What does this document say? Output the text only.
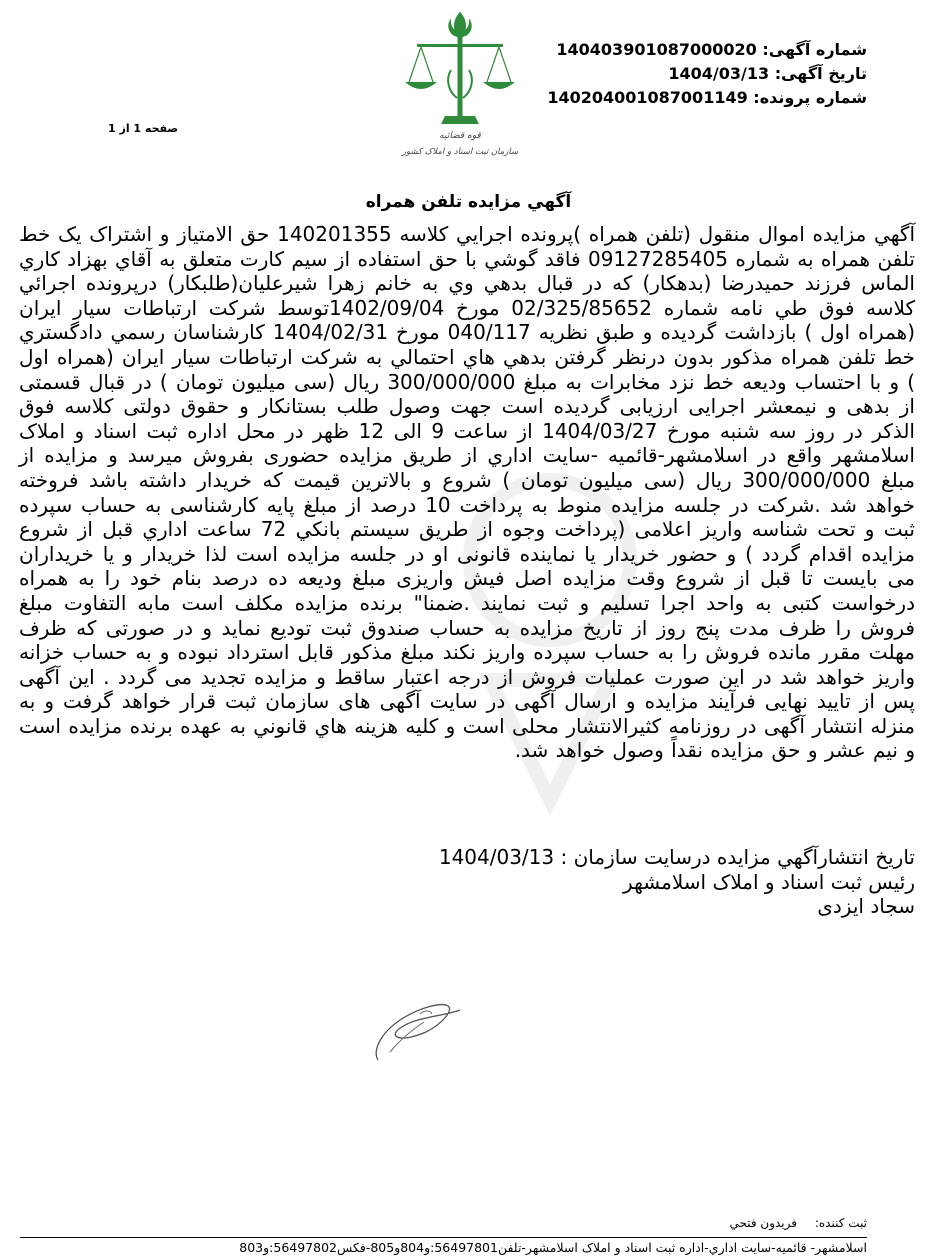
شماره آگهی: 140403901087000020
تاریخ آگهی: 1404/03/13
شماره پرونده: 140204001087001149
قوه قضائیه
سازمان ثبت اسناد و املاک کشور
صفحه 1 از 1
آگهي مزايده تلفن همراه
آگهي مزايده اموال منقول (تلفن همراه )پرونده اجرايي كلاسه 140201355 حق الامتياز و اشتراک یک خط تلفن همراه به شماره 09127285405 فاقد گوشي با حق استفاده از سيم كارت متعلق به آقاي بهزاد كاري الماس فرزند حميدرضا (بدهكار) که در قبال بدهي وي به خانم زهرا شيرعليان(طلبكار) درپرونده اجرائي كلاسه فوق طي نامه شماره 02/325/85652 مورخ 1402/09/04توسط شرکت ارتباطات سيار ايران (همراه اول ) بازداشت گرديده و طبق نظريه 040/117 مورخ 1404/02/31 كارشناسان رسمي دادگستري خط تلفن همراه مذكور بدون درنظر گرفتن بدهي هاي احتمالي به شرکت ارتباطات سيار ايران (همراه اول ) و با احتساب وديعه خط نزد مخابرات به مبلغ 300/000/000 ريال (سی میلیون تومان ) در قبال قسمتی از بدهی و نیمعشر اجرایی ارزیابی گردیده است جهت وصول طلب بستانکار و حقوق دولتی کلاسه فوق الذکر در روز سه شنبه مورخ 1404/03/27 از ساعت 9 الی 12 ظهر در محل اداره ثبت اسناد و املاک اسلامشهر واقع در اسلامشهر-قائميه -سايت اداري از طريق مزایده حضوری بفروش میرسد و مزايده از مبلغ 300/000/000 ريال (سی میلیون تومان ) شروع و بالاترين قيمت كه خريدار داشته باشد فروخته خواهد شد .شرکت در جلسه مزایده منوط به پرداخت 10 درصد از مبلغ پایه کارشناسی به حساب سپرده ثبت و تحت شناسه واریز اعلامی (پرداخت وجوه از طريق سيستم بانكي 72 ساعت اداري قبل از شروع مزايده اقدام گردد ) و حضور خریدار یا نماینده قانونی او در جلسه مزایده است لذا خریدار و یا خریداران می بایست تا قبل از شروع وقت مزایده اصل فیش واریزی مبلغ ودیعه ده درصد بنام خود را به همراه درخواست کتبی به واحد اجرا تسلیم و ثبت نمایند .ضمنا" برنده مزايده مكلف است مابه التفاوت مبلغ فروش را ظرف مدت پنج روز از تاريخ مزايده به حساب صندوق ثبت توديع نمايد و در صورتی که ظرف مهلت مقرر مانده فروش را به حساب سپرده واریز نکند مبلغ مذکور قابل استرداد نبوده و به حساب خزانه واریز خواهد شد در این صورت عملیات فروش از درجه اعتبار ساقط و مزایده تجدید می گردد . این آگهی پس از تایید نهایی فرآیند مزایده و ارسال آگهی در سایت آگهی های سازمان ثبت قرار خواهد گرفت و به منزله انتشار آگهی در روزنامه کثیرالانتشار محلی است و کلیه هزینه هاي قانوني به عهده برنده مزايده است و نيم عشر و حق مزايده نقداً وصول خواهد شد.
تاريخ انتشارآگهي مزايده درسايت سازمان : 1404/03/13
رئيس ثبت اسناد و املاک اسلامشهر
سجاد ايزدی
ثبت کننده: فريدون فتحي
اسلامشهر- قائميه-سايت اداري-اداره ثبت اسناد و املاک اسلامشهر-تلفن56497801:و804و805-فكس56497802:و803
